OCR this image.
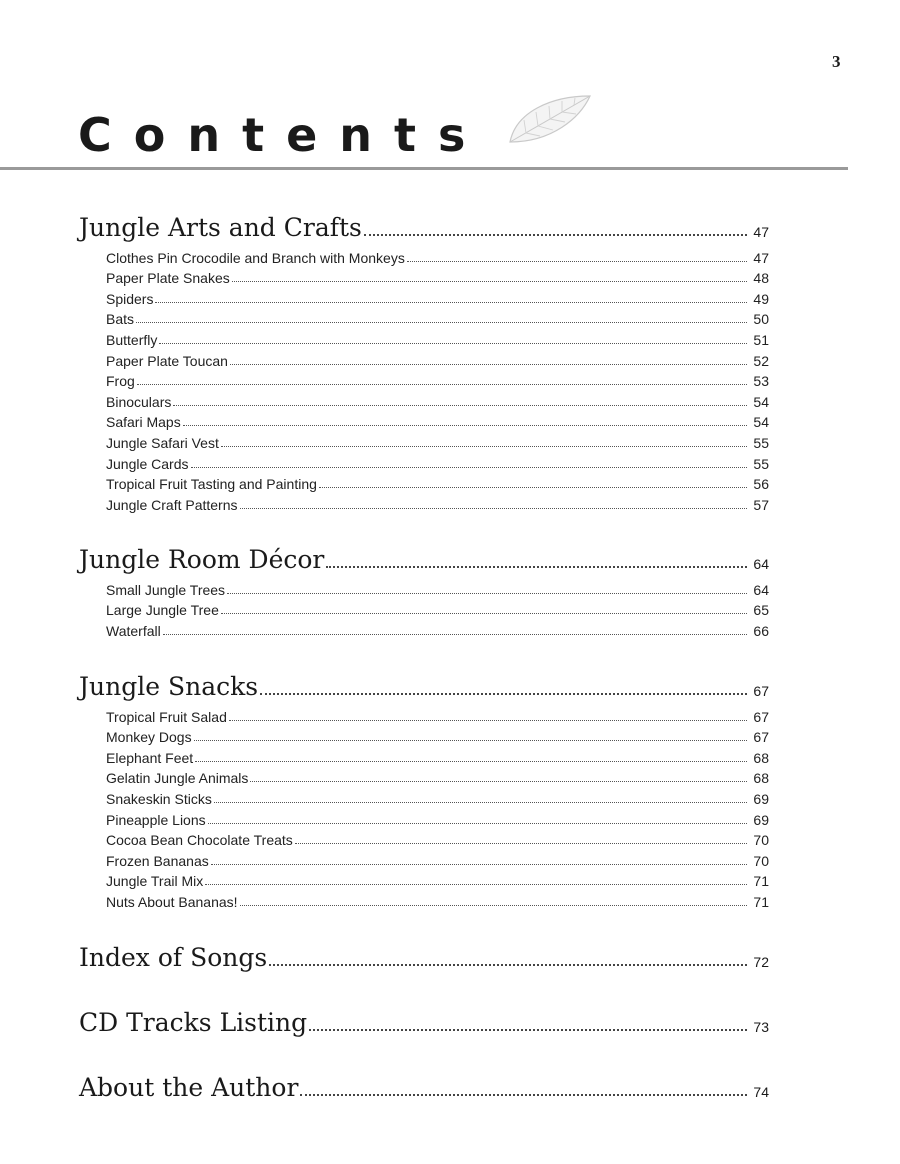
3
Contents
Jungle Arts and Crafts	47
Clothes Pin Crocodile and Branch with Monkeys	47
Paper Plate Snakes	48
Spiders	49
Bats	50
Butterfly	51
Paper Plate Toucan	52
Frog	53
Binoculars	54
Safari Maps	54
Jungle Safari Vest	55
Jungle Cards	55
Tropical Fruit Tasting and Painting	56
Jungle Craft Patterns	57
Jungle Room Décor	64
Small Jungle Trees	64
Large Jungle Tree	65
Waterfall	66
Jungle Snacks	67
Tropical Fruit Salad	67
Monkey Dogs	67
Elephant Feet	68
Gelatin Jungle Animals	68
Snakeskin Sticks	69
Pineapple Lions	69
Cocoa Bean Chocolate Treats	70
Frozen Bananas	70
Jungle Trail Mix	71
Nuts About Bananas!	71
Index of Songs	72
CD Tracks Listing	73
About the Author	74
